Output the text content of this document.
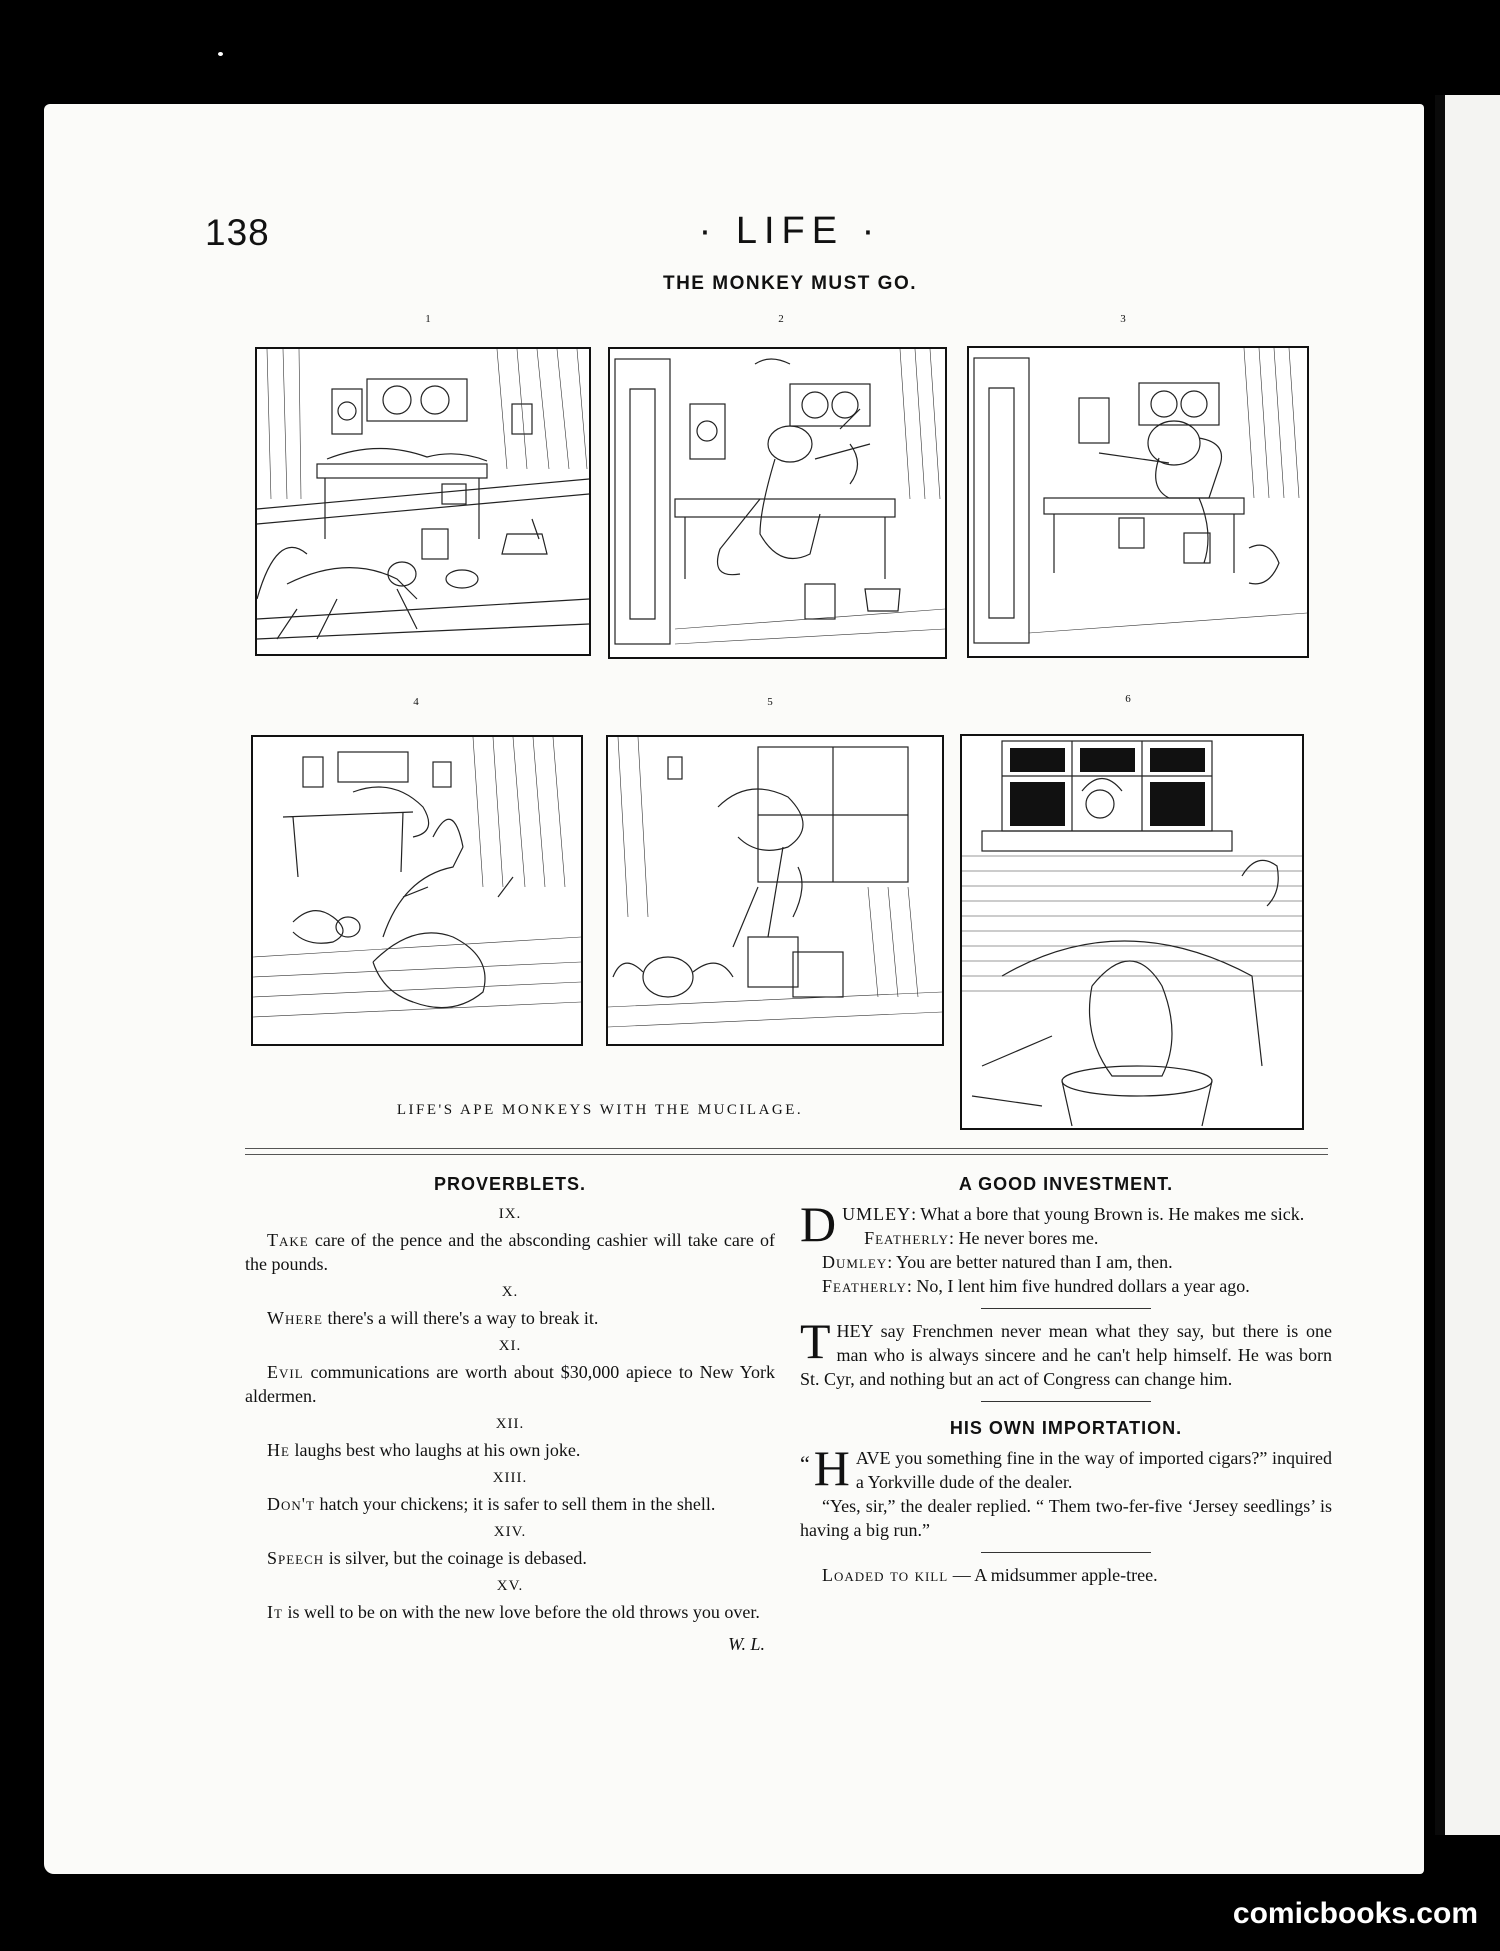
138	· LIFE ·
THE MONKEY MUST GO.
1	2	3
4	5	6
LIFE'S APE MONKEYS WITH THE MUCILAGE.
PROVERBLETS.
IX.

Take care of the pence and the absconding cashier will take care of the pounds.

X.

Where there's a will there's a way to break it.

XI.

Evil communications are worth about $30,000 apiece to New York aldermen.

XII.

He laughs best who laughs at his own joke.

XIII.

Don't hatch your chickens; it is safer to sell them in the shell.

XIV.

Speech is silver, but the coinage is debased.

XV.

It is well to be on with the new love before the old throws you over.

W. L.
A GOOD INVESTMENT.

DUMLEY: What a bore that young Brown is. He makes me sick.

Featherly: He never bores me.

Dumley: You are better natured than I am, then.

Featherly: No, I lent him five hundred dollars a year ago.

THEY say Frenchmen never mean what they say, but there is one man who is always sincere and he can't help himself. He was born St. Cyr, and nothing but an act of Congress can change him.

HIS OWN IMPORTATION.

“ H AVE you something fine in the way of imported cigars?” inquired a Yorkville dude of the dealer.

“Yes, sir,” the dealer replied. “ Them two-fer-five ‘Jersey seedlings’ is having a big run.”

Loaded to kill — A midsummer apple-tree.

comicbooks.com
